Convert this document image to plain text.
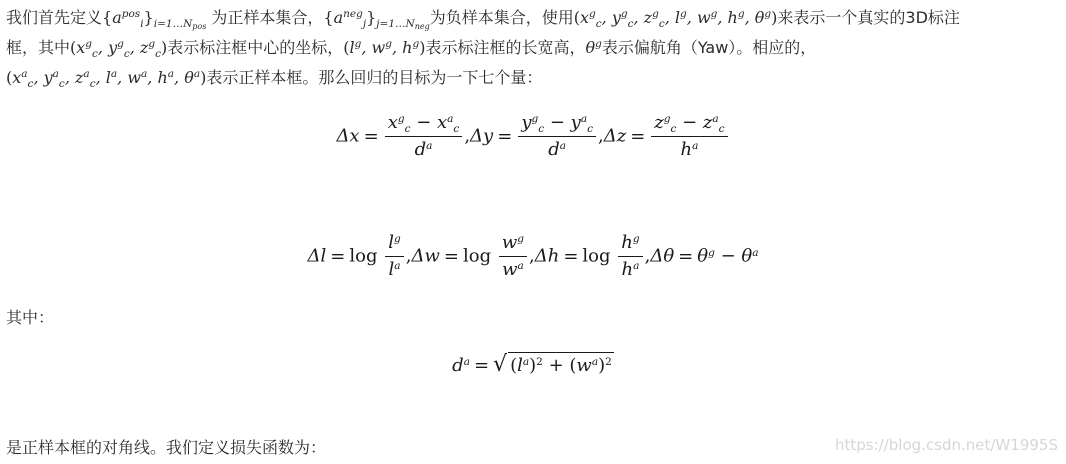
我们首先定义$\{a^{pos}_i\}_{i=1\dots N_{pos}}$ 为正样本集合，$\{a^{neg}_j\}_{j=1\dots N_{neg}}$为负样本集合，使用($x^g_c$, $y^g_c$, $z^g_c$, $l^g$, $w^g$, $h^g$, $\theta^g$)来表示一个真实的3D标注
框，其中($x^g_c$, $y^g_c$, $z^g_c$)表示标注框中心的坐标，($l^g$, $w^g$, $h^g$)表示标注框的长宽高，$\theta^g$表示偏航角（Yaw）。相应的，
($x^a_c$, $y^a_c$, $z^a_c$, $l^a$, $w^a$, $h^a$, $\theta^a$)表示正样本框。那么回归的目标为一下七个量：
$\Delta x = \frac{x^g_c - x^a_c}{d^a} ,\Delta y = \frac{y^g_c - y^a_c}{d^a} ,\Delta z = \frac{z^g_c - z^a_c}{h^a}$
$\Delta l = \log \frac{l^g}{l^a} ,\Delta w = \log \frac{w^g}{w^a} ,\Delta h = \log \frac{h^g}{h^a} ,\Delta\theta = \theta^g - \theta^a$
其中：
$d^a$ = √ $(l^a)^2 + (w^a)^2$
是正样本框的对角线。我们定义损失函数为：	https://blog.csdn.net/W1995S
